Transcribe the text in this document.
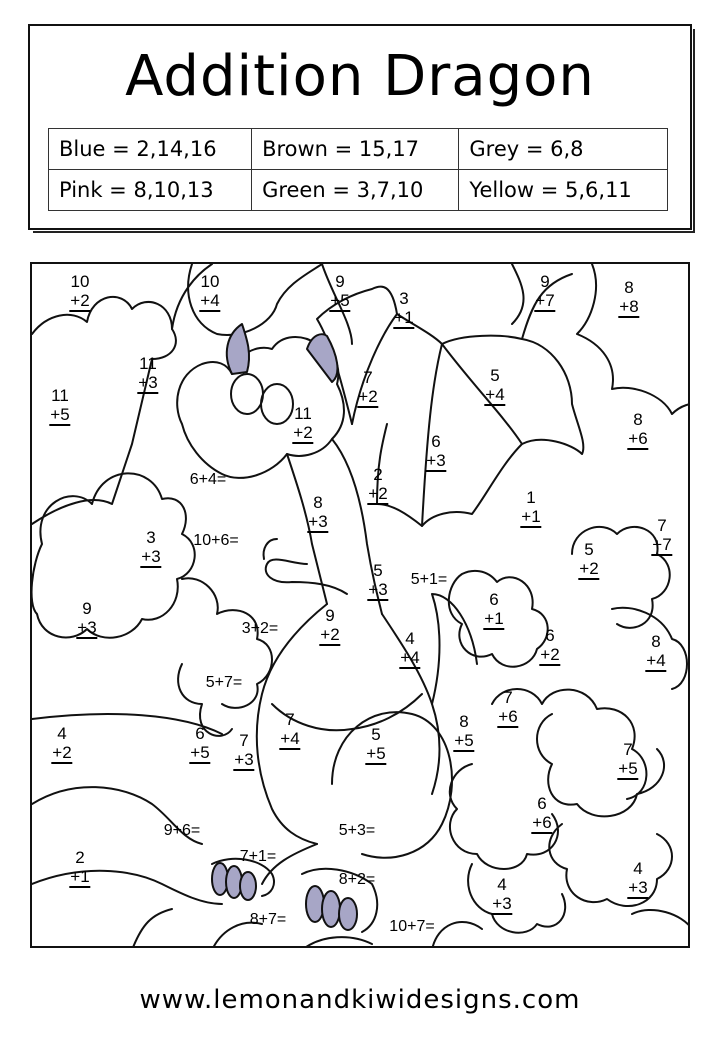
Addition Dragon
Blue = 2,14,16	Brown = 15,17	Grey = 6,8
Pink = 8,10,13	Green = 3,7,10	Yellow = 5,6,11
10
+2
10
+4
9
+5	3
+1
9
+7
8
+8
11
+3
11
+5
7
+2
5
+4
11
+2
8
+6
6
+3
2
+2
8
+3
1
+1
3
+3
7
+7
5
+2
5
+3
9
+3
6
+1
9
+2	4
+4
6
+2
8
+4
7
+6
4
+2
6
+5
7
+4
7
+3
5
+5
8
+5	7
+5
6
+6
2
+1	4
+3
4
+3
6+4=
10+6=
5+1=
3+2=
5+7=
9+6=	5+3=
7+1=
8+2=
8+7=	10+7=
www.lemonandkiwidesigns.com
